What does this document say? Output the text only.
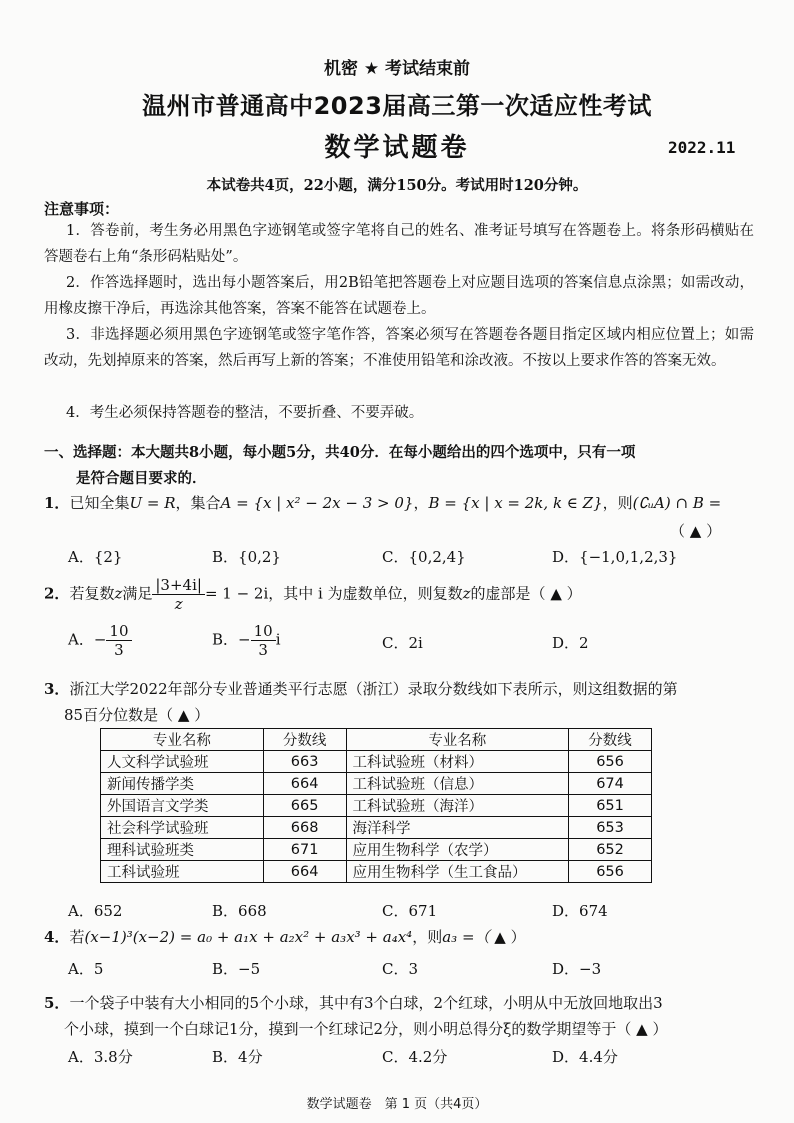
机密 ★ 考试结束前
温州市普通高中2023届高三第一次适应性考试
数学试题卷	2022.11
本试卷共4页，22小题，满分150分。考试用时120分钟。
注意事项：
1．答卷前，考生务必用黑色字迹钢笔或签字笔将自己的姓名、准考证号填写在答题卷上。将条形码横贴在答题卷右上角“条形码粘贴处”。
2．作答选择题时，选出每小题答案后，用2B铅笔把答题卷上对应题目选项的答案信息点涂黑；如需改动，用橡皮擦干净后，再选涂其他答案，答案不能答在试题卷上。
3．非选择题必须用黑色字迹钢笔或签字笔作答，答案必须写在答题卷各题目指定区域内相应位置上；如需改动，先划掉原来的答案，然后再写上新的答案；不准使用铅笔和涂改液。不按以上要求作答的答案无效。
4．考生必须保持答题卷的整洁，不要折叠、不要弄破。
一、选择题：本大题共8小题，每小题5分，共40分．在每小题给出的四个选项中，只有一项
是符合题目要求的．
1．已知全集U = R，集合A = {x | x² − 2x − 3 > 0}，B = {x | x = 2k, k ∈ Z}，则(∁ᵤA) ∩ B =
（ ▲ ）
A．{2}	B．{0,2}	C．{0,2,4}	D．{−1,0,1,2,3}
2．若复数z满足 $\frac{|3+4i|}{z} = 1 - 2i$，其中 i 为虚数单位，则复数z的虚部是（ ▲ ）
A．− $\frac{10}{3}$	B．− $\frac{10}{3}$ i	C．2i	D．2
3．浙江大学2022年部分专业普通类平行志愿（浙江）录取分数线如下表所示，则这组数据的第
85百分位数是（ ▲ ）
专业名称	分数线	专业名称	分数线
人文科学试验班	663	工科试验班（材料）	656
新闻传播学类	664	工科试验班（信息）	674
外国语言文学类	665	工科试验班（海洋）	651
社会科学试验班	668	海洋科学	653
理科试验班类	671	应用生物科学（农学）	652
工科试验班	664	应用生物科学（生工食品）	656
A．652	B．668	C．671	D．674
4．若(x−1)³(x−2) = a₀ + a₁x + a₂x² + a₃x³ + a₄x⁴，则a₃ =（ ▲ ）
A．5	B．−5	C．3	D．−3
5．一个袋子中装有大小相同的5个小球，其中有3个白球，2个红球，小明从中无放回地取出3
个小球，摸到一个白球记1分，摸到一个红球记2分，则小明总得分ξ的数学期望等于（ ▲ ）
A．3.8分	B．4分	C．4.2分	D．4.4分
数学试题卷　第 1 页（共4页）
